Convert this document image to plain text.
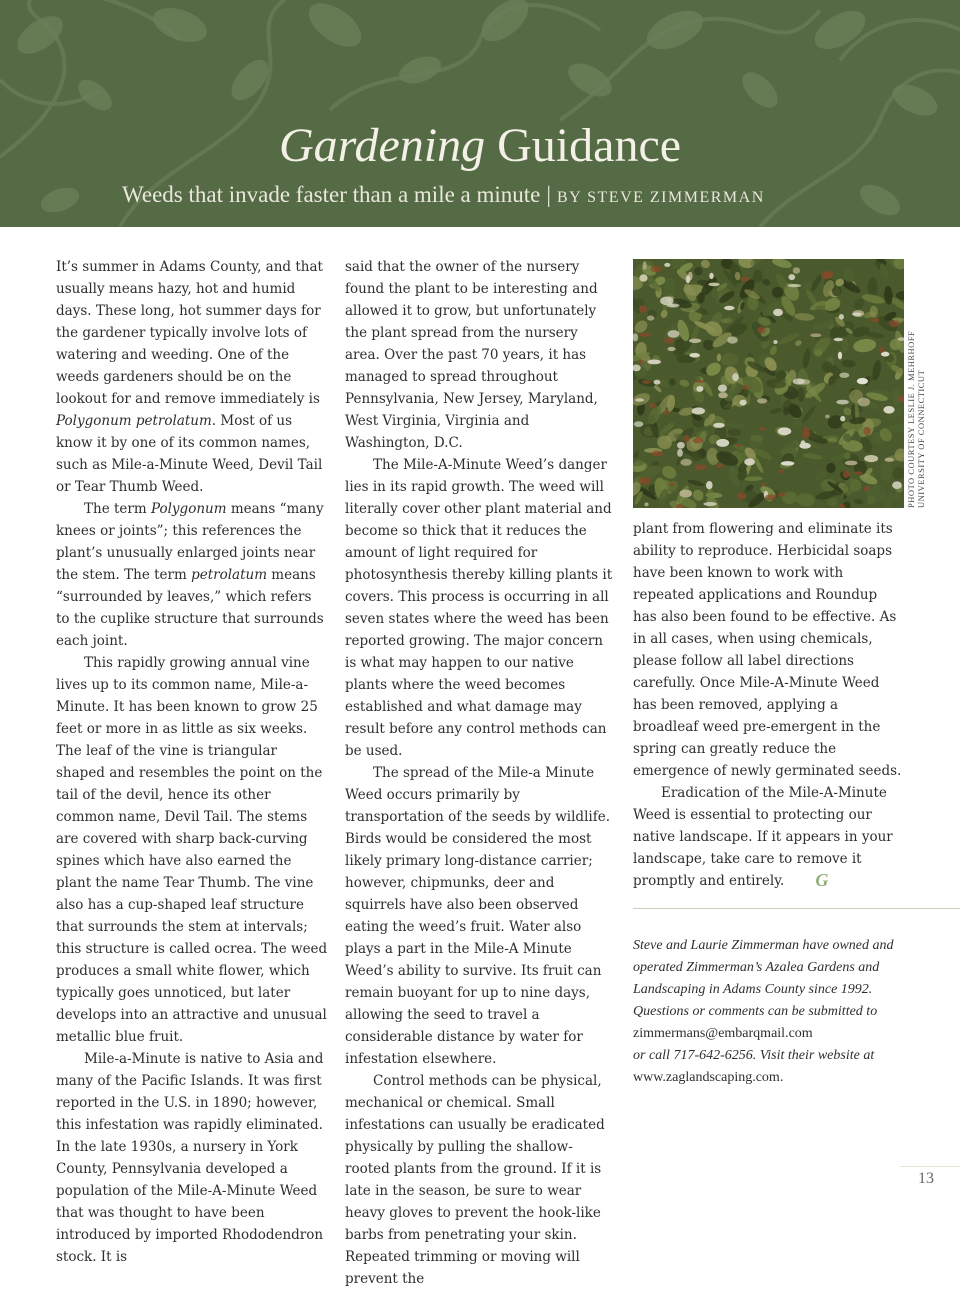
Gardening Guidance
Weeds that invade faster than a mile a minute | BY STEVE ZIMMERMAN

It’s summer in Adams County, and that usually means hazy, hot and humid days. These long, hot summer days for the gardener typically involve lots of watering and weeding. One of the weeds gardeners should be on the lookout for and remove immediately is Polygonum petrolatum. Most of us know it by one of its common names, such as Mile-a-Minute Weed, Devil Tail or Tear Thumb Weed.

The term Polygonum means “many knees or joints”; this references the plant’s unusually enlarged joints near the stem. The term petrolatum means “surrounded by leaves,” which refers to the cuplike structure that surrounds each joint.

This rapidly growing annual vine lives up to its common name, Mile-a-Minute. It has been known to grow 25 feet or more in as little as six weeks. The leaf of the vine is triangular shaped and resembles the point on the tail of the devil, hence its other common name, Devil Tail. The stems are covered with sharp back-curving spines which have also earned the plant the name Tear Thumb. The vine also has a cup-shaped leaf structure that surrounds the stem at intervals; this structure is called ocrea. The weed produces a small white flower, which typically goes unnoticed, but later develops into an attractive and unusual metallic blue fruit.

Mile-a-Minute is native to Asia and many of the Pacific Islands. It was first reported in the U.S. in 1890; however, this infestation was rapidly eliminated. In the late 1930s, a nursery in York County, Pennsylvania developed a population of the Mile-A-Minute Weed that was thought to have been introduced by imported Rhododendron stock. It is

said that the owner of the nursery found the plant to be interesting and allowed it to grow, but unfortunately the plant spread from the nursery area. Over the past 70 years, it has managed to spread throughout Pennsylvania, New Jersey, Maryland, West Virginia, Virginia and Washington, D.C.

The Mile-A-Minute Weed’s danger lies in its rapid growth. The weed will literally cover other plant material and become so thick that it reduces the amount of light required for photosynthesis thereby killing plants it covers. This process is occurring in all seven states where the weed has been reported growing. The major concern is what may happen to our native plants where the weed becomes established and what damage may result before any control methods can be used.

The spread of the Mile-a Minute Weed occurs primarily by transportation of the seeds by wildlife. Birds would be considered the most likely primary long-distance carrier; however, chipmunks, deer and squirrels have also been observed eating the weed’s fruit. Water also plays a part in the Mile-A Minute Weed’s ability to survive. Its fruit can remain buoyant for up to nine days, allowing the seed to travel a considerable distance by water for infestation elsewhere.

Control methods can be physical, mechanical or chemical. Small infestations can usually be eradicated physically by pulling the shallow-rooted plants from the ground. If it is late in the season, be sure to wear heavy gloves to prevent the hook-like barbs from penetrating your skin. Repeated trimming or moving will prevent the

PHOTO COURTESY LESLIE J. MEHRHOFF UNIVERSITY OF CONNECTICUT

plant from flowering and eliminate its ability to reproduce. Herbicidal soaps have been known to work with repeated applications and Roundup has also been found to be effective. As in all cases, when using chemicals, please follow all label directions carefully. Once Mile-A-Minute Weed has been removed, applying a broadleaf weed pre-emergent in the spring can greatly reduce the emergence of newly germinated seeds.

Eradication of the Mile-A-Minute Weed is essential to protecting our native landscape. If it appears in your landscape, take care to remove it promptly and entirely. G

Steve and Laurie Zimmerman have owned and operated Zimmerman’s Azalea Gardens and Landscaping in Adams County since 1992. Questions or comments can be submitted to

zimmermans@embarqmail.com

or call 717-642-6256. Visit their website at

www.zaglandscaping.com.

13
